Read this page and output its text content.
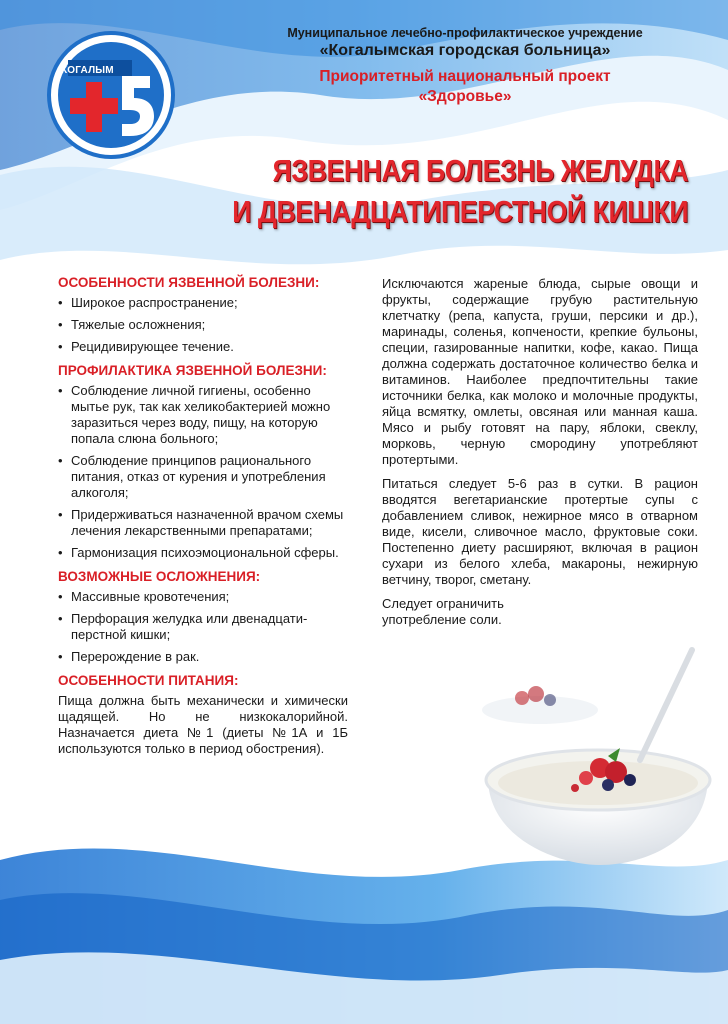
КОГАЛЫМ
Муниципальное лечебно-профилактическое учреждение
«Когалымская городская больница»
Приоритетный национальный проект
«Здоровье»
ЯЗВЕННАЯ БОЛЕЗНЬ ЖЕЛУДКА
И ДВЕНАДЦАТИПЕРСТНОЙ КИШКИ
ОСОБЕННОСТИ ЯЗВЕННОЙ БОЛЕЗНИ:
• Широкое распространение;
• Тяжелые осложнения;
• Рецидивирующее течение.
ПРОФИЛАКТИКА ЯЗВЕННОЙ БОЛЕЗНИ:
• Соблюдение личной гигиены, особенно мытье рук, так как хеликобактерией можно заразиться через воду, пищу, на которую попала слюна больного;
• Соблюдение принципов рационального питания, отказ от курения и употребления алкоголя;
• Придерживаться назначенной врачом схемы лечения лекарственными препаратами;
• Гармонизация психоэмоциональной сферы.
ВОЗМОЖНЫЕ ОСЛОЖНЕНИЯ:
• Массивные кровотечения;
• Перфорация желудка или двенадцати-перстной кишки;
• Перерождение в рак.
ОСОБЕННОСТИ ПИТАНИЯ:

Пища должна быть механически и химически щадящей. Но не низкокалорийной. Назначается диета №1 (диеты №1А и 1Б используются только в период обострения).

Исключаются жареные блюда, сырые овощи и фрукты, содержащие грубую растительную клетчатку (репа, капуста, груши, персики и др.), маринады, соленья, копчености, крепкие бульоны, специи, газированные напитки, кофе, какао. Пища должна содержать достаточное количество белка и витаминов. Наиболее предпочтительны такие источники белка, как молоко и молочные продукты, яйца всмятку, омлеты, овсяная или манная каша. Мясо и рыбу готовят на пару, яблоки, свеклу, морковь, черную смородину употребляют протертыми.

Питаться следует 5-6 раз в сутки. В рацион вводятся вегетарианские протертые супы с добавлением сливок, нежирное мясо в отварном виде, кисели, сливочное масло, фруктовые соки. Постепенно диету расширяют, включая в рацион сухари из белого хлеба, макароны, нежирную ветчину, творог, сметану.

Следует ограничить употребление соли.
